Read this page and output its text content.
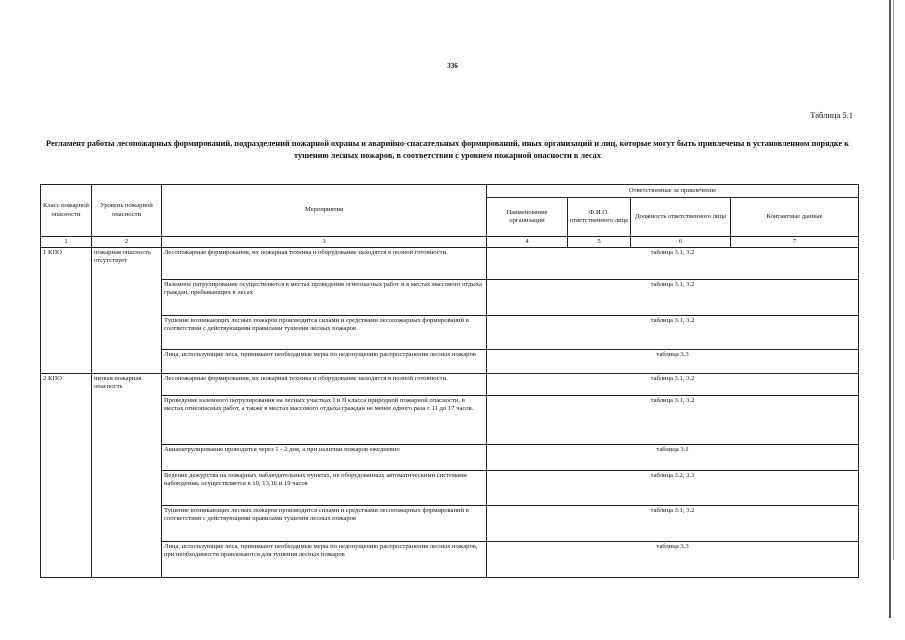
336
Таблица 5.1
Регламент работы лесопожарных формирований, подразделений пожарной охраны и аварийно-спасательных формирований, иных организаций и лиц, которые могут быть привлечены в установленном порядке к тушению лесных пожаров, в соответствии с уровнем пожарной опасности в лесах
Класс пожарной опасности	Уровень пожарной опасности	Мероприятия	Ответственные за привлечение			
			Наименование организации	Ф.И.О. ответственного лица	Должность ответственного лица	Контактные данные
1	2	3	4	5	6	7
1 КПО	пожарная опасность отсутствует	Лесопожарные формирования, их пожарная техника и оборудование находятся в полной готовности.	таблица 3.1, 3.2			
		Наземное патрулирование осуществляется в местах проведения огнеопасных работ и в местах массового отдыха граждан, пребывающих в лесах	таблица 3.1, 3.2			
		Тушение возникающих лесных пожаров производится силами и средствами лесопожарных формирований в соответствии с действующими правилами тушения лесных пожаров	таблица 3.1, 3.2			
		Лица, использующие леса, принимают необходимые меры по недопущению распространения лесных пожаров	таблица 3.3			
2 КПО	низкая пожарная опасность	Лесопожарные формирования, их пожарная техника и оборудование находятся в полной готовности.	таблица 3.1, 3.2			
		Проведение наземного патрулирования на лесных участках I и II класса природной пожарной опасности, в местах огнеопасных работ, а также в местах массового отдыха граждан не менее одного раза с 11 до 17 часов.	таблица 3.1, 3.2			
		Авиапатрулирование проводится через 1 - 2 дня, а при наличии пожаров ежедневно	таблица 3.1			
		Ведение дежурства на пожарных наблюдательных пунктах, не оборудованных автоматическими системами наблюдения, осуществляется в 10, 13,16 и 19 часов	таблица 3.2, 3.3			
		Тушение возникающих лесных пожаров производится силами и средствами лесопожарных формирований в соответствии с действующими правилами тушения лесных пожаров	таблица 3.1, 3.2			
		Лица, использующие леса, принимают необходимые меры по недопущению распространения лесных пожаров, при необходимости привлекаются для тушения лесных пожаров	таблица 3.3			
